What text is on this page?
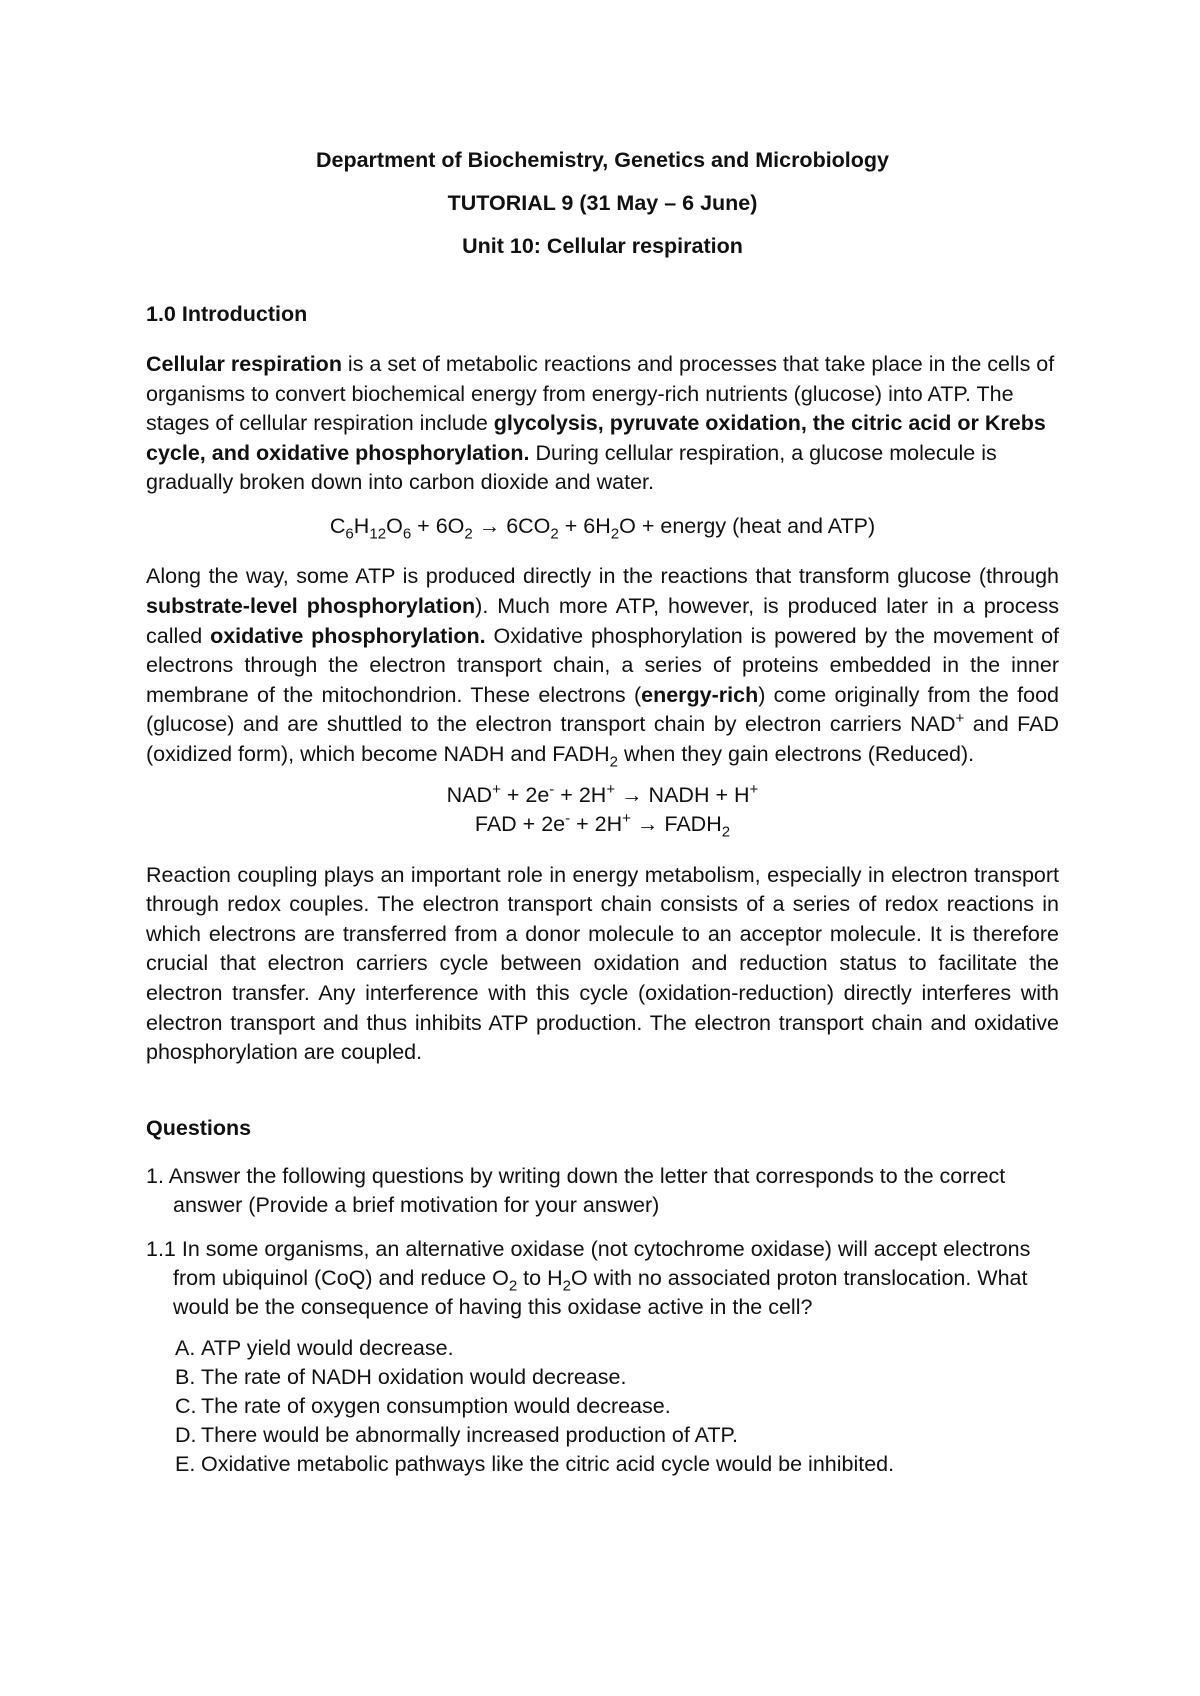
Department of Biochemistry, Genetics and Microbiology

TUTORIAL 9 (31 May – 6 June)

Unit 10: Cellular respiration

1.0 Introduction

Cellular respiration is a set of metabolic reactions and processes that take place in the cells of organisms to convert biochemical energy from energy-rich nutrients (glucose) into ATP. The stages of cellular respiration include glycolysis, pyruvate oxidation, the citric acid or Krebs cycle, and oxidative phosphorylation. During cellular respiration, a glucose molecule is gradually broken down into carbon dioxide and water.

$C_6H_{12}O_6 + 6O_2 \to 6CO_2 + 6H_2O$ + energy (heat and ATP)

Along the way, some ATP is produced directly in the reactions that transform glucose (through substrate-level phosphorylation). Much more ATP, however, is produced later in a process called oxidative phosphorylation. Oxidative phosphorylation is powered by the movement of electrons through the electron transport chain, a series of proteins embedded in the inner membrane of the mitochondrion. These electrons (energy-rich) come originally from the food (glucose) and are shuttled to the electron transport chain by electron carriers NAD+ and FAD (oxidized form), which become NADH and $FADH_2$ when they gain electrons (Reduced).

NAD+ + 2e- + 2H+ → NADH + H+

FAD + $2e^- + 2H^+ \to FADH_2$

Reaction coupling plays an important role in energy metabolism, especially in electron transport through redox couples. The electron transport chain consists of a series of redox reactions in which electrons are transferred from a donor molecule to an acceptor molecule. It is therefore crucial that electron carriers cycle between oxidation and reduction status to facilitate the electron transfer. Any interference with this cycle (oxidation-reduction) directly interferes with electron transport and thus inhibits ATP production. The electron transport chain and oxidative phosphorylation are coupled.

Questions

1. Answer the following questions by writing down the letter that corresponds to the correct answer (Provide a brief motivation for your answer)

1.1 In some organisms, an alternative oxidase (not cytochrome oxidase) will accept electrons from ubiquinol (CoQ) and reduce $O_2$ to $H_2O$ with no associated proton translocation. What would be the consequence of having this oxidase active in the cell?

A. ATP yield would decrease.
B. The rate of NADH oxidation would decrease.
C. The rate of oxygen consumption would decrease.
D. There would be abnormally increased production of ATP.
E. Oxidative metabolic pathways like the citric acid cycle would be inhibited.
